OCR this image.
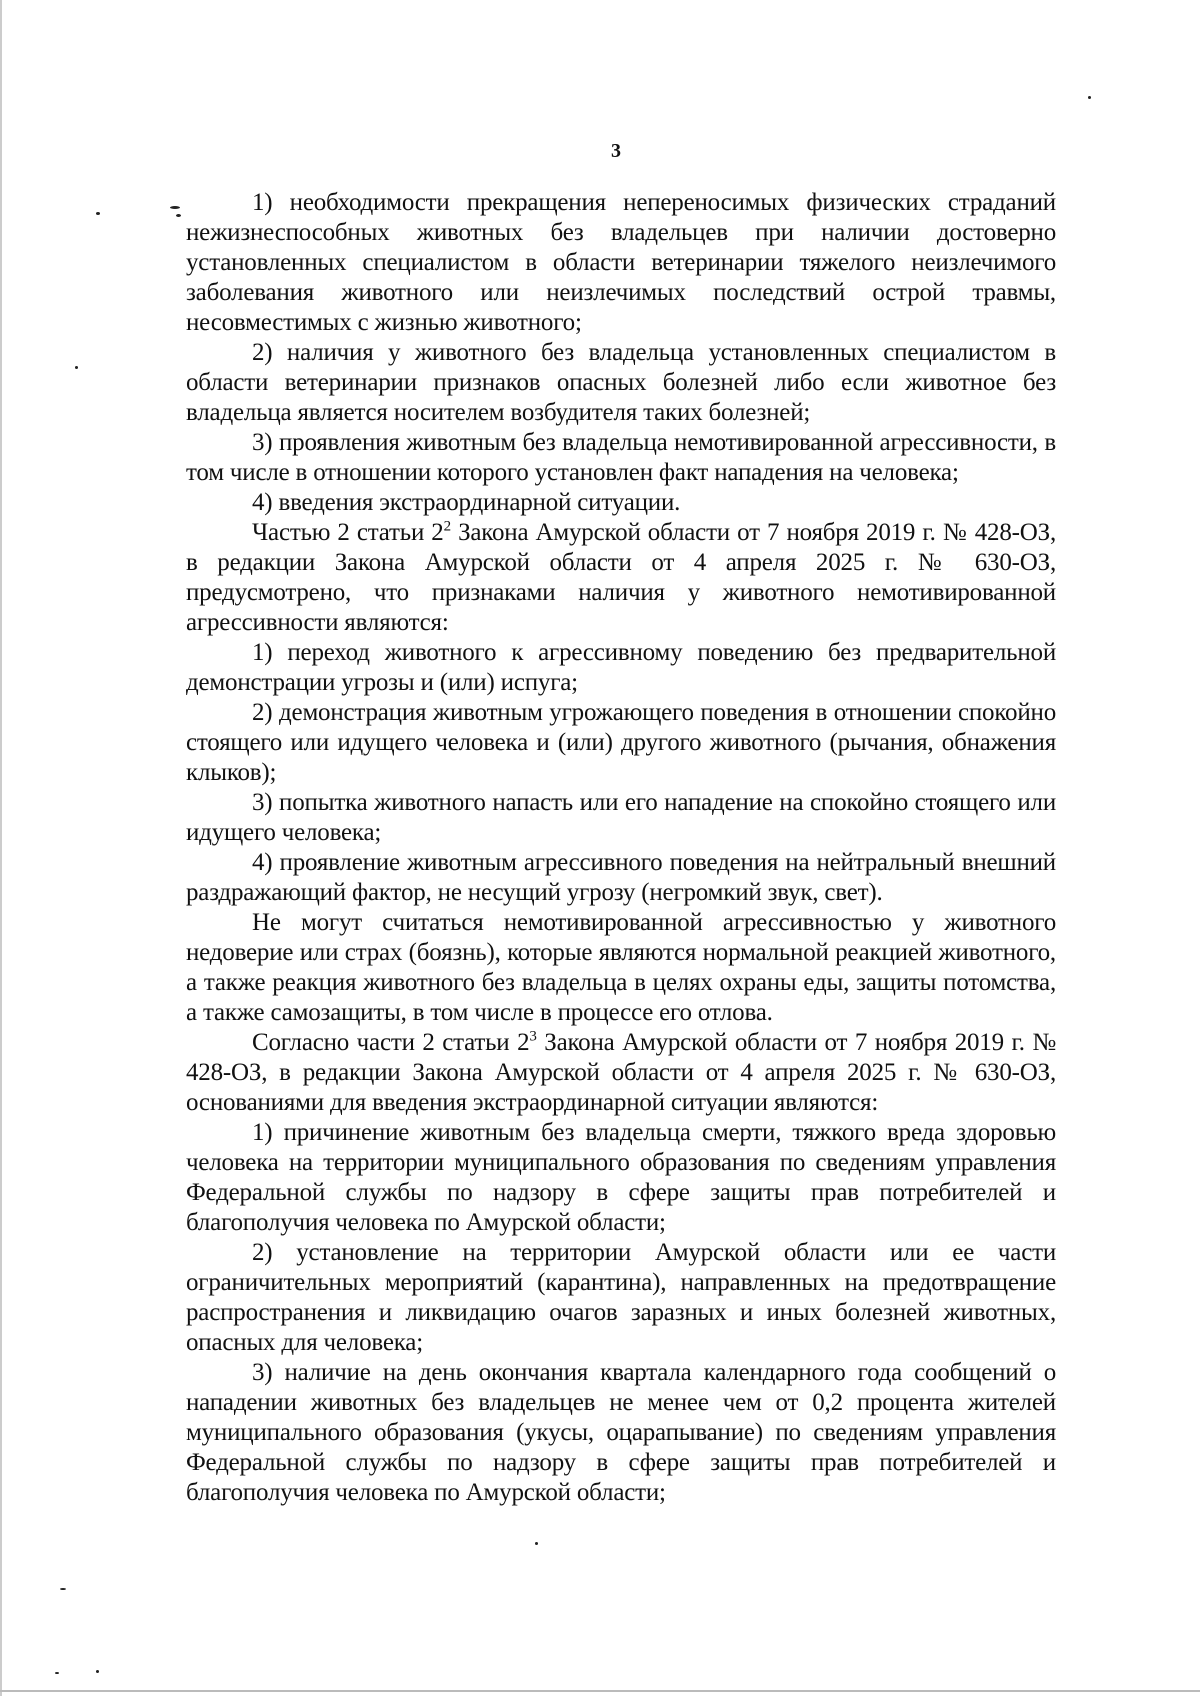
3

1) необходимости прекращения непереносимых физических страданий нежизнеспособных животных без владельцев при наличии достоверно установленных специалистом в области ветеринарии тяжелого неизлечимого заболевания животного или неизлечимых последствий острой травмы, несовместимых с жизнью животного;

2) наличия у животного без владельца установленных специалистом в области ветеринарии признаков опасных болезней либо если животное без владельца является носителем возбудителя таких болезней;

3) проявления животным без владельца немотивированной агрессивности, в том числе в отношении которого установлен факт нападения на человека;

4) введения экстраординарной ситуации.

Частью 2 статьи $2^2$ Закона Амурской области от 7 ноября 2019 г. № 428-ОЗ, в редакции Закона Амурской области от 4 апреля 2025 г. № 630-ОЗ, предусмотрено, что признаками наличия у животного немотивированной агрессивности являются:

1) переход животного к агрессивному поведению без предварительной демонстрации угрозы и (или) испуга;

2) демонстрация животным угрожающего поведения в отношении спокойно стоящего или идущего человека и (или) другого животного (рычания, обнажения клыков);

3) попытка животного напасть или его нападение на спокойно стоящего или идущего человека;

4) проявление животным агрессивного поведения на нейтральный внешний раздражающий фактор, не несущий угрозу (негромкий звук, свет).

Не могут считаться немотивированной агрессивностью у животного недоверие или страх (боязнь), которые являются нормальной реакцией животного, а также реакция животного без владельца в целях охраны еды, защиты потомства, а также самозащиты, в том числе в процессе его отлова.

Согласно части 2 статьи $2^3$ Закона Амурской области от 7 ноября 2019 г. № 428-ОЗ, в редакции Закона Амурской области от 4 апреля 2025 г. № 630-ОЗ, основаниями для введения экстраординарной ситуации являются:

1) причинение животным без владельца смерти, тяжкого вреда здоровью человека на территории муниципального образования по сведениям управления Федеральной службы по надзору в сфере защиты прав потребителей и благополучия человека по Амурской области;

2) установление на территории Амурской области или ее части ограничительных мероприятий (карантина), направленных на предотвращение распространения и ликвидацию очагов заразных и иных болезней животных, опасных для человека;

3) наличие на день окончания квартала календарного года сообщений о нападении животных без владельцев не менее чем от 0,2 процента жителей муниципального образования (укусы, оцарапывание) по сведениям управления Федеральной службы по надзору в сфере защиты прав потребителей и благополучия человека по Амурской области;
